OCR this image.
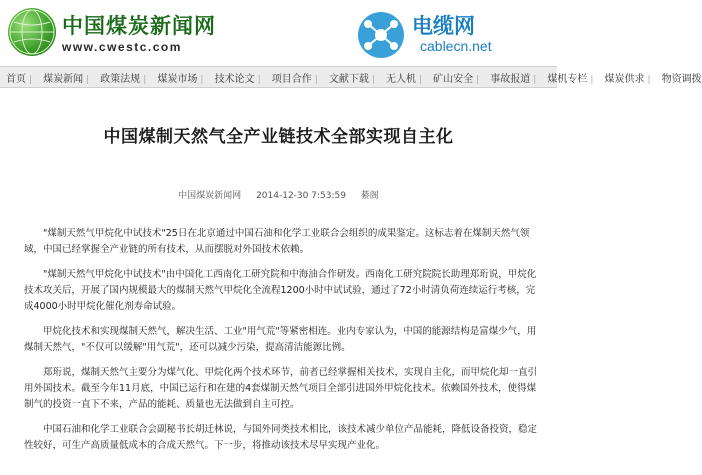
中国煤炭新闻网
www.cwestc.com
电缆网
cablecn.net
首页 | 煤炭新闻 | 政策法规 | 煤炭市场 | 技术论文 | 项目合作 | 文献下载 | 无人机 | 矿山安全 | 事故报道 | 煤机专栏 | 煤炭供求 | 物资调拨
中国煤制天然气全产业链技术全部实现自主化
中国煤炭新闻网 2014-12-30 7:53:59 綦阁

"煤制天然气甲烷化中试技术"25日在北京通过中国石油和化学工业联合会组织的成果鉴定。这标志着在煤制天然气领域，中国已经掌握全产业链的所有技术，从而摆脱对外国技术依赖。

"煤制天然气甲烷化中试技术"由中国化工西南化工研究院和中海油合作研发。西南化工研究院院长助理郑珩说，甲烷化技术攻关后，开展了国内规模最大的煤制天然气甲烷化全流程1200小时中试试验，通过了72小时清负荷连续运行考核，完成4000小时甲烷化催化剂寿命试验。

甲烷化技术和实现煤制天然气，解决生活、工业"用气荒"等紧密相连。业内专家认为，中国的能源结构是富煤少气，用煤制天然气，"不仅可以缓解"用气荒"，还可以减少污染，提高清洁能源比例。

郑珩说，煤制天然气主要分为煤气化、甲烷化两个技术环节，前者已经掌握相关技术，实现自主化，而甲烷化却一直引用外国技术。截至今年11月底，中国已运行和在建的4套煤制天然气项目全部引进国外甲烷化技术。依赖国外技术，使得煤制气的投资一直下不来，产品的能耗、质量也无法做到自主可控。

中国石油和化学工业联合会副秘书长胡迁林说，与国外同类技术相比，该技术减少单位产品能耗，降低设备投资，稳定性较好，可生产高质量低成本的合成天然气。下一步，将推动该技术尽早实现产业化。
